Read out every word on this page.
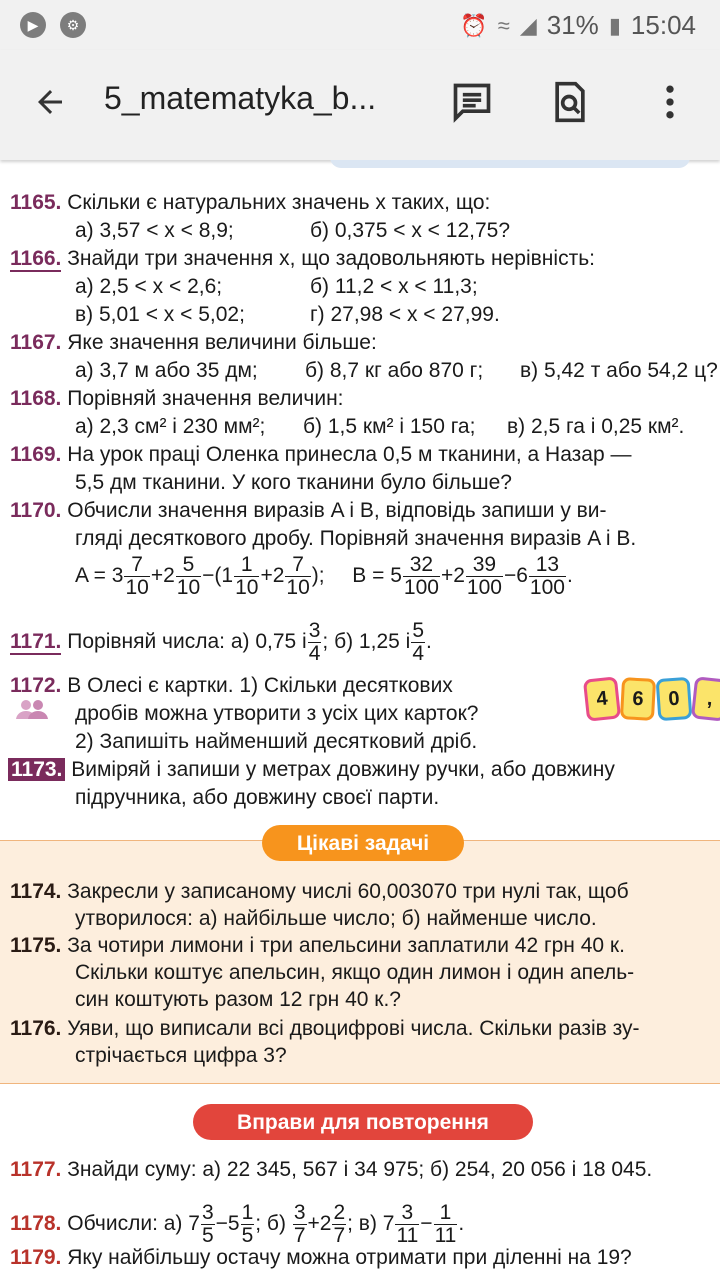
▶	⚙	⏰ ≈ ◢ 31% ▮ 15:04
5_matematyka_b...
1165. Скільки є натуральних значень x таких, що:
а) 3,57 < x < 8,9;	б) 0,375 < x < 12,75?
1166. Знайди три значення x, що задовольняють нерівність:
а) 2,5 < x < 2,6;	б) 11,2 < x < 11,3;
в) 5,01 < x < 5,02;	г) 27,98 < x < 27,99.
1167. Яке значення величини більше:
а) 3,7 м або 35 дм; б) 8,7 кг або 870 г; в) 5,42 т або 54,2 ц?
1168. Порівняй значення величин:
а) 2,3 см² і 230 мм²; б) 1,5 км² і 150 га; в) 2,5 га і 0,25 км².
1169. На урок праці Оленка принесла 0,5 м тканини, а Назар —
5,5 дм тканини. У кого тканини було більше?
1170. Обчисли значення виразів A і B, відповідь запиши у ви-
гляді десяткового дробу. Порівняй значення виразів A і B.
$A = 3 \frac{7}{10} +2 \frac{5}{10} -(1 \frac{1}{10} +2 \frac{7}{10}$ ); $B = 5 \frac{32}{100} +2 \frac{39}{100} -6 \frac{13}{100}$ .
1171. Порівняй числа: а) 0,75 і $\frac{3}{4}$ ; б) 1,25 і $\frac{5}{4}$ .
1172. В Олесі є картки. 1) Скільки десяткових
дробів можна утворити з усіх цих карток?
2) Запишіть найменший десятковий дріб.
4	6	0	,
1173. Виміряй і запиши у метрах довжину ручки, або довжину
підручника, або довжину своєї парти.
Цікаві задачі
1174. Закресли у записаному числі 60,003070 три нулі так, щоб
утворилося: а) найбільше число; б) найменше число.
1175. За чотири лимони і три апельсини заплатили 42 грн 40 к.
Скільки коштує апельсин, якщо один лимон і один апель-
син коштують разом 12 грн 40 к.?
1176. Уяви, що виписали всі двоцифрові числа. Скільки разів зу-
стрічається цифра 3?
Вправи для повторення
1177. Знайди суму: а) 22 345, 567 і 34 975; б) 254, 20 056 і 18 045.
1178. Обчисли: а) $7 \frac{3}{5} -5 \frac{1}{5}$ ; $б) \frac{3}{7} +2 \frac{2}{7}$ ; в) $7 \frac{3}{11} - \frac{1}{11}$ .
1179. Яку найбільшу остачу можна отримати при діленні на 19?
